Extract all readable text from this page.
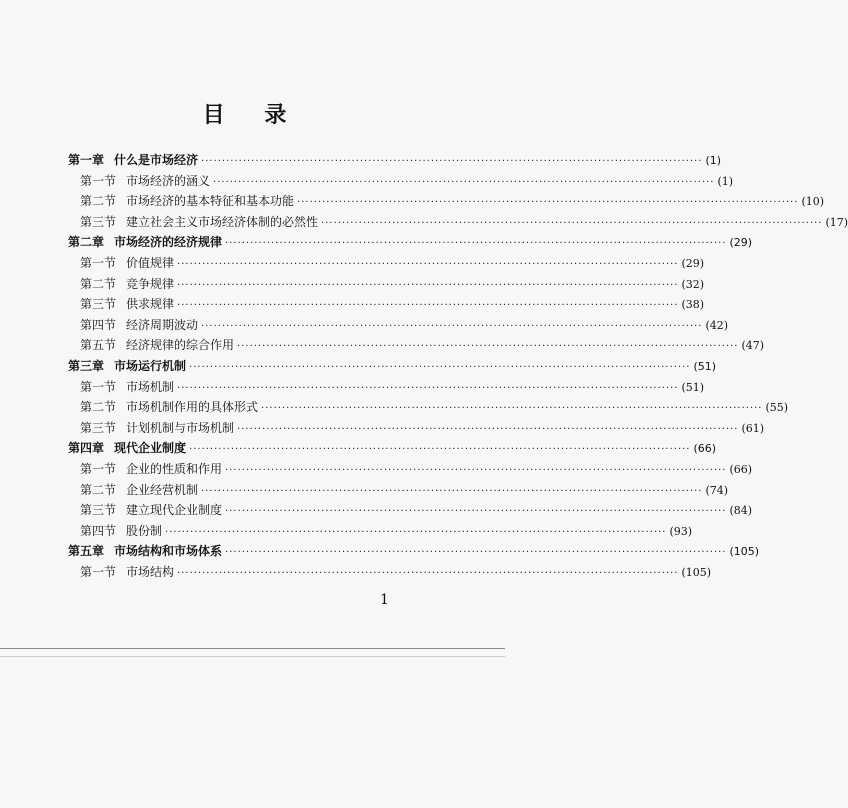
目 录
第一章 什么是市场经济 ························································································································ (1)
第一节 市场经济的涵义 ························································································································ (1)
第二节 市场经济的基本特征和基本功能 ························································································································ (10)
第三节 建立社会主义市场经济体制的必然性 ························································································································ (17)
第二章 市场经济的经济规律 ························································································································ (29)
第一节 价值规律 ························································································································ (29)
第二节 竞争规律 ························································································································ (32)
第三节 供求规律 ························································································································ (38)
第四节 经济周期波动 ························································································································ (42)
第五节 经济规律的综合作用 ························································································································ (47)
第三章 市场运行机制 ························································································································ (51)
第一节 市场机制 ························································································································ (51)
第二节 市场机制作用的具体形式 ························································································································ (55)
第三节 计划机制与市场机制 ························································································································ (61)
第四章 现代企业制度 ························································································································ (66)
第一节 企业的性质和作用 ························································································································ (66)
第二节 企业经营机制 ························································································································ (74)
第三节 建立现代企业制度 ························································································································ (84)
第四节 股份制 ························································································································ (93)
第五章 市场结构和市场体系 ························································································································ (105)
第一节 市场结构 ························································································································ (105)
1
